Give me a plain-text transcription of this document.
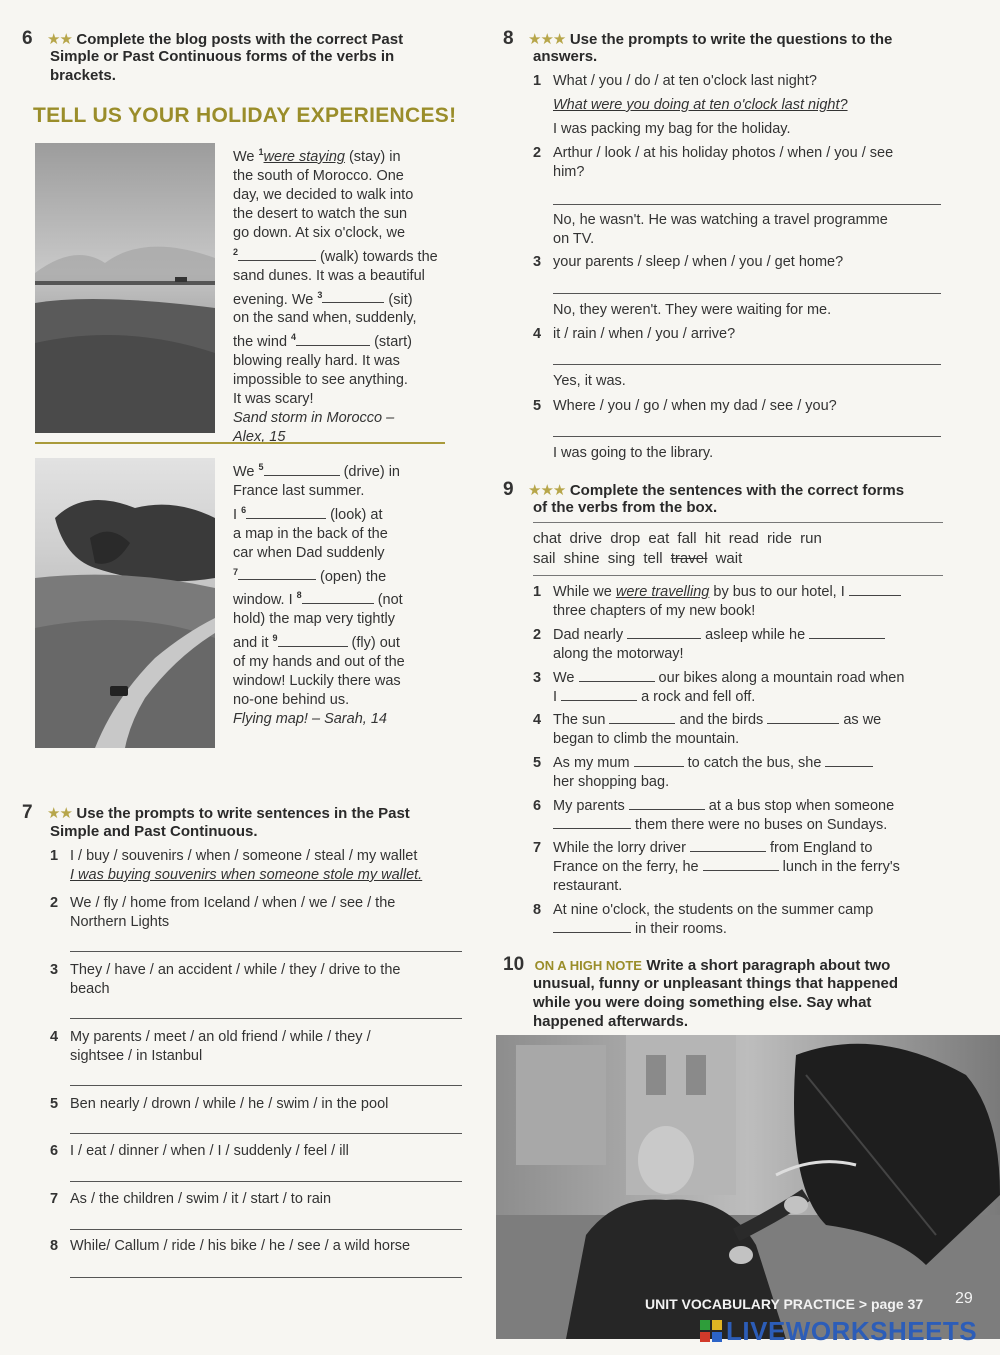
6 ★★ Complete the blog posts with the correct Past
Simple or Past Continuous forms of the verbs in
brackets.
TELL US YOUR HOLIDAY EXPERIENCES!
We $^1$were staying (stay) in
the south of Morocco. One
day, we decided to walk into
the desert to watch the sun
go down. At six o'clock, we
$^2$	(walk) towards the
sand dunes. It was a beautiful
evening. We $^3$	(sit)
on the sand when, suddenly,
the wind $^4$	(start)
blowing really hard. It was
impossible to see anything.
It was scary!
Sand storm in Morocco –
Alex, 15
We $^5$	(drive) in
France last summer.
I $^6$	(look) at
a map in the back of the
car when Dad suddenly
$^7$	(open) the
window. I $^8$	(not
hold) the map very tightly
and it $^9$	(fly) out
of my hands and out of the
window! Luckily there was
no-one behind us.
Flying map! – Sarah, 14
7 ★★ Use the prompts to write sentences in the Past
Simple and Past Continuous.
1 I / buy / souvenirs / when / someone / steal / my wallet
I was buying souvenirs when someone stole my wallet.
2 We / fly / home from Iceland / when / we / see / the
Northern Lights
3 They / have / an accident / while / they / drive to the
beach
4 My parents / meet / an old friend / while / they /
sightsee / in Istanbul
5 Ben nearly / drown / while / he / swim / in the pool
6 I / eat / dinner / when / I / suddenly / feel / ill
7 As / the children / swim / it / start / to rain
8 While/ Callum / ride / his bike / he / see / a wild horse
8 ★★★ Use the prompts to write the questions to the
answers.
1 What / you / do / at ten o'clock last night?
What were you doing at ten o'clock last night?
I was packing my bag for the holiday.
2 Arthur / look / at his holiday photos / when / you / see
him?
No, he wasn't. He was watching a travel programme
on TV.
3 your parents / sleep / when / you / get home?
No, they weren't. They were waiting for me.
4 it / rain / when / you / arrive?
Yes, it was.
5 Where / you / go / when my dad / see / you?
I was going to the library.
9 ★★★ Complete the sentences with the correct forms
of the verbs from the box.
chat drive drop eat fall hit read ride run
sail shine sing tell travel wait
1 While we were travelling by bus to our hotel, I
three chapters of my new book!
2 Dad nearly	asleep while he
along the motorway!
3 We	our bikes along a mountain road when
I	a rock and fell off.
4 The sun	and the birds	as we
began to climb the mountain.
5 As my mum	to catch the bus, she
her shopping bag.
6 My parents	at a bus stop when someone
them there were no buses on Sundays.
7 While the lorry driver	from England to
France on the ferry, he	lunch in the ferry's
restaurant.
8 At nine o'clock, the students on the summer camp
in their rooms.
10 ON A HIGH NOTE Write a short paragraph about two
unusual, funny or unpleasant things that happened
while you were doing something else. Say what
happened afterwards.
UNIT VOCABULARY PRACTICE > page 37 29
LIVEWORKSHEETS
